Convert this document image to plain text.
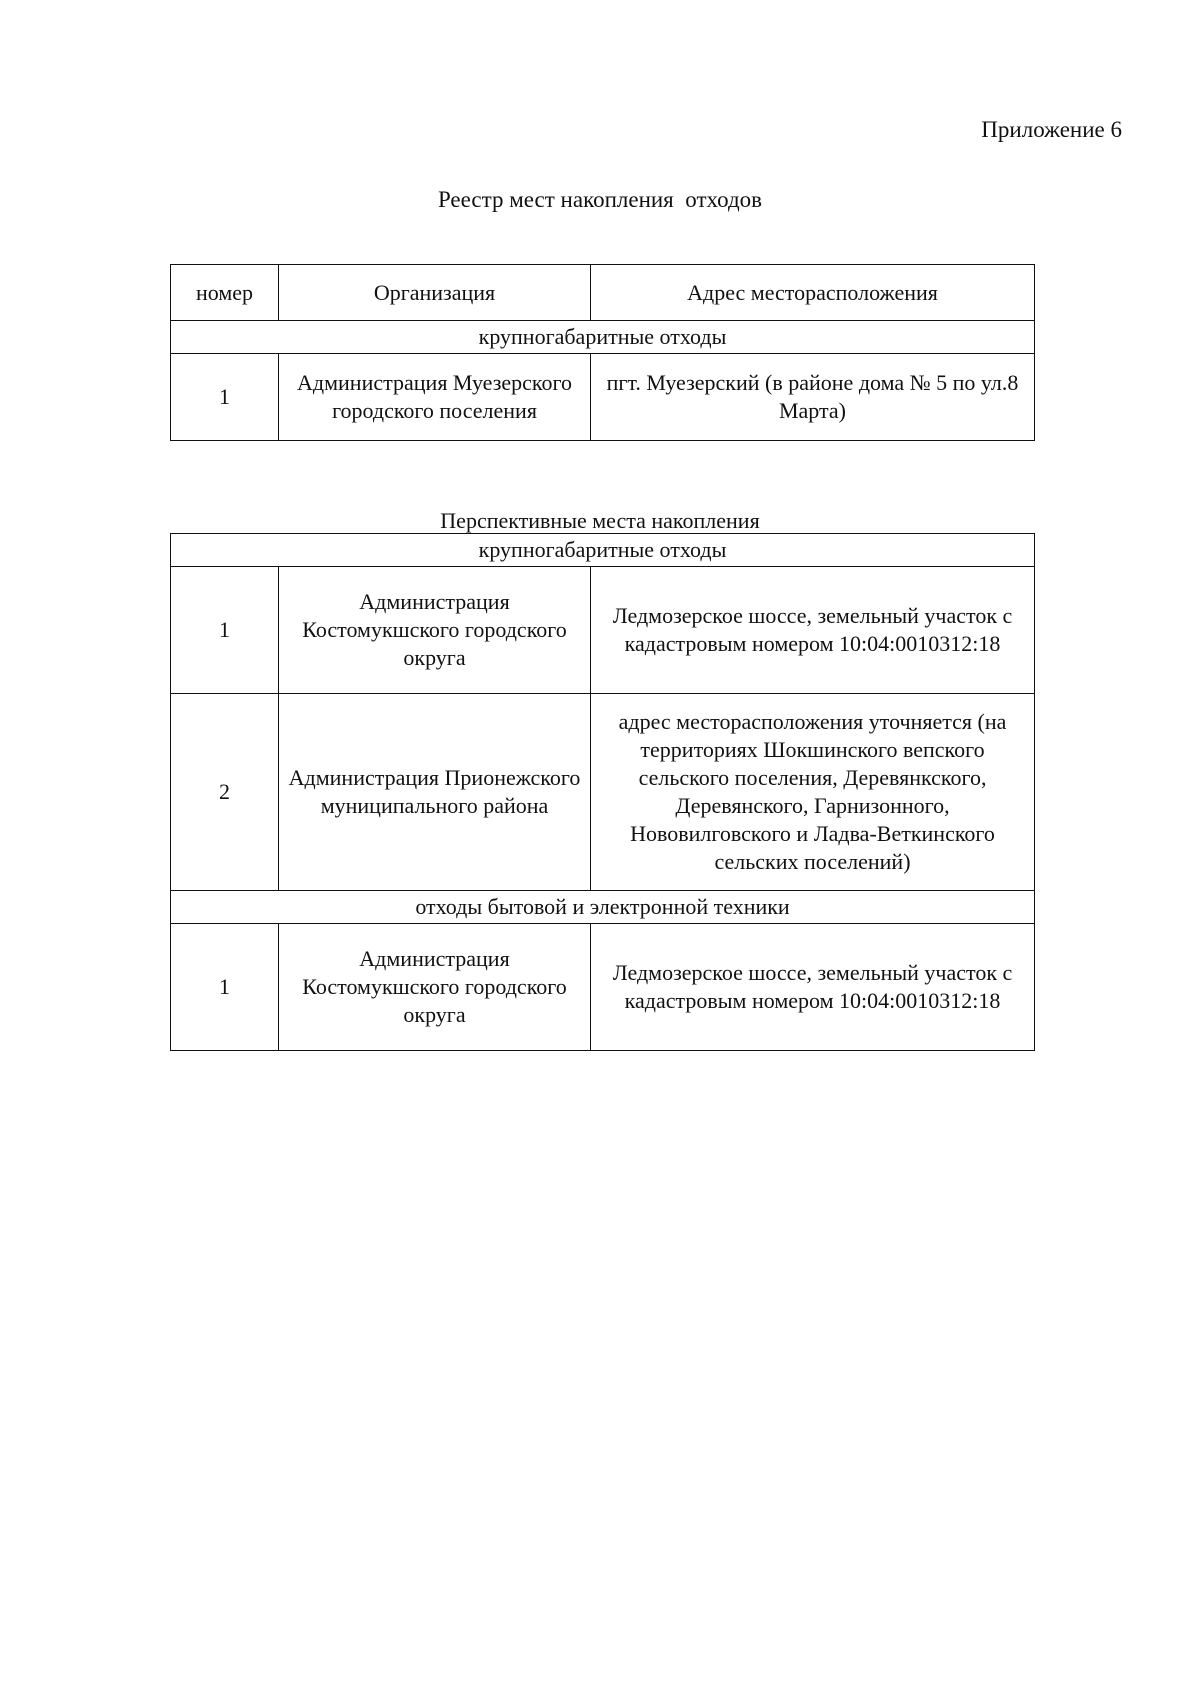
Приложение 6
Реестр мест накопления  отходов
номер	Организация	Адрес месторасположения
крупногабаритные отходы		
1	Администрация Муезерского городского поселения	пгт. Муезерский (в районе дома № 5 по ул.8 Марта)
Перспективные места накопления
крупногабаритные отходы		
1	Администрация Костомукшского городского округа	Ледмозерское шоссе, земельный участок с кадастровым номером 10:04:0010312:18
2	Администрация Прионежского муниципального района	адрес месторасположения уточняется (на территориях Шокшинского вепского сельского поселения, Деревянкского, Деревянского, Гарнизонного, Нововилговского и Ладва-Веткинского сельских поселений)
отходы бытовой и электронной техники		
1	Администрация Костомукшского городского округа	Ледмозерское шоссе, земельный участок с кадастровым номером 10:04:0010312:18
